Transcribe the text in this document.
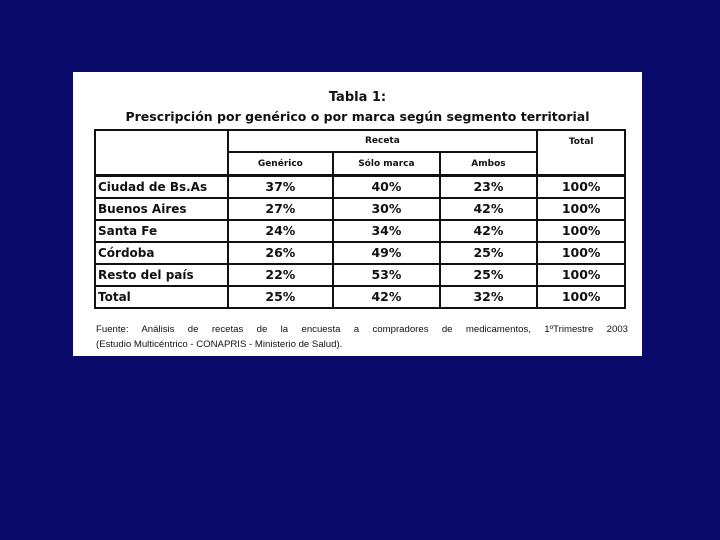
Tabla 1:

Prescripción por genérico o por marca según segmento territorial

	Receta			Total
	Genérico	Sólo marca	Ambos	
Ciudad de Bs.As	37%	40%	23%	100%
Buenos Aires	27%	30%	42%	100%
Santa Fe	24%	34%	42%	100%
Córdoba	26%	49%	25%	100%
Resto del país	22%	53%	25%	100%
Total	25%	42%	32%	100%

Fuente: Análisis de recetas de la encuesta a compradores de medicamentos, 1ºTrimestre 2003

(Estudio Multicéntrico - CONAPRIS - Ministerio de Salud).
